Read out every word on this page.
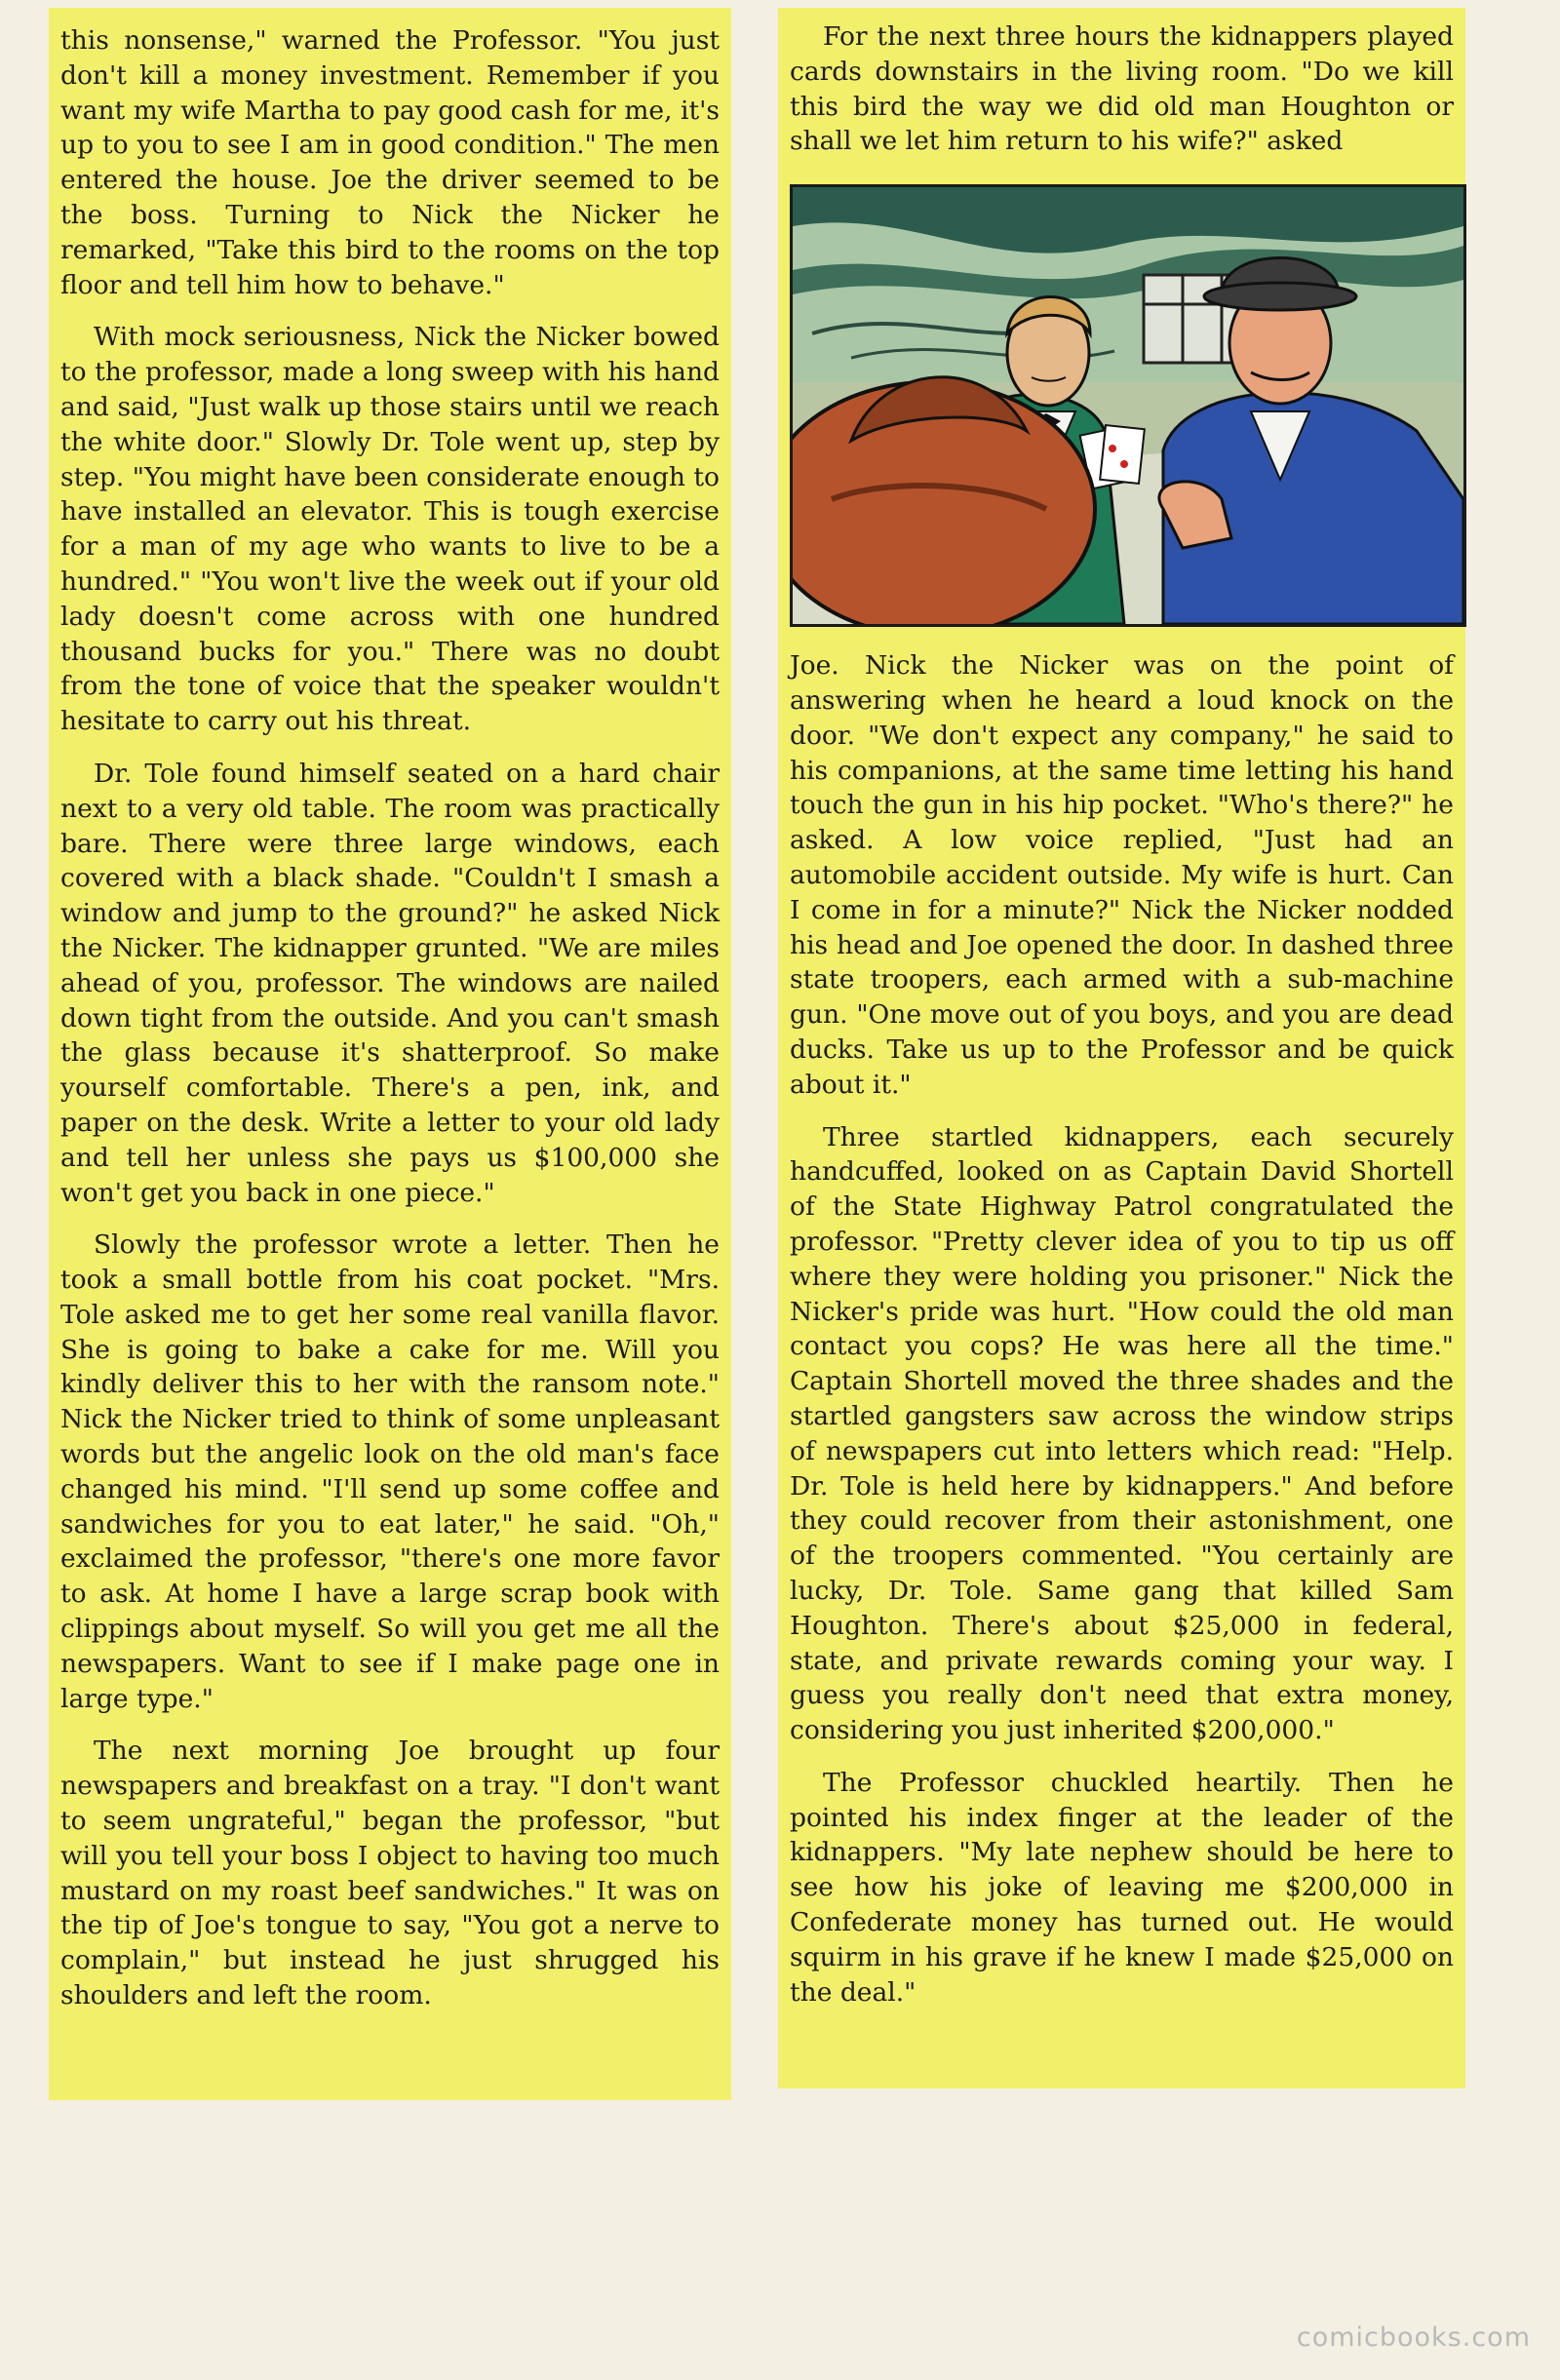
this nonsense," warned the Professor. "You just don't kill a money investment. Remember if you want my wife Martha to pay good cash for me, it's up to you to see I am in good condition." The men entered the house. Joe the driver seemed to be the boss. Turning to Nick the Nicker he remarked, "Take this bird to the rooms on the top floor and tell him how to behave."

With mock seriousness, Nick the Nicker bowed to the professor, made a long sweep with his hand and said, "Just walk up those stairs until we reach the white door." Slowly Dr. Tole went up, step by step. "You might have been considerate enough to have installed an elevator. This is tough exercise for a man of my age who wants to live to be a hundred." "You won't live the week out if your old lady doesn't come across with one hundred thousand bucks for you." There was no doubt from the tone of voice that the speaker wouldn't hesitate to carry out his threat.

Dr. Tole found himself seated on a hard chair next to a very old table. The room was practically bare. There were three large windows, each covered with a black shade. "Couldn't I smash a window and jump to the ground?" he asked Nick the Nicker. The kidnapper grunted. "We are miles ahead of you, professor. The windows are nailed down tight from the outside. And you can't smash the glass because it's shatterproof. So make yourself comfortable. There's a pen, ink, and paper on the desk. Write a letter to your old lady and tell her unless she pays us $100,000 she won't get you back in one piece."

Slowly the professor wrote a letter. Then he took a small bottle from his coat pocket. "Mrs. Tole asked me to get her some real vanilla flavor. She is going to bake a cake for me. Will you kindly deliver this to her with the ransom note." Nick the Nicker tried to think of some unpleasant words but the angelic look on the old man's face changed his mind. "I'll send up some coffee and sandwiches for you to eat later," he said. "Oh," exclaimed the professor, "there's one more favor to ask. At home I have a large scrap book with clippings about myself. So will you get me all the newspapers. Want to see if I make page one in large type."

The next morning Joe brought up four newspapers and breakfast on a tray. "I don't want to seem ungrateful," began the professor, "but will you tell your boss I object to having too much mustard on my roast beef sandwiches." It was on the tip of Joe's tongue to say, "You got a nerve to complain," but instead he just shrugged his shoulders and left the room.

For the next three hours the kidnappers played cards downstairs in the living room. "Do we kill this bird the way we did old man Houghton or shall we let him return to his wife?" asked

Joe. Nick the Nicker was on the point of answering when he heard a loud knock on the door. "We don't expect any company," he said to his companions, at the same time letting his hand touch the gun in his hip pocket. "Who's there?" he asked. A low voice replied, "Just had an automobile accident outside. My wife is hurt. Can I come in for a minute?" Nick the Nicker nodded his head and Joe opened the door. In dashed three state troopers, each armed with a sub-machine gun. "One move out of you boys, and you are dead ducks. Take us up to the Professor and be quick about it."

Three startled kidnappers, each securely handcuffed, looked on as Captain David Shortell of the State Highway Patrol congratulated the professor. "Pretty clever idea of you to tip us off where they were holding you prisoner." Nick the Nicker's pride was hurt. "How could the old man contact you cops? He was here all the time." Captain Shortell moved the three shades and the startled gangsters saw across the window strips of newspapers cut into letters which read: "Help. Dr. Tole is held here by kidnappers." And before they could recover from their astonishment, one of the troopers commented. "You certainly are lucky, Dr. Tole. Same gang that killed Sam Houghton. There's about $25,000 in federal, state, and private rewards coming your way. I guess you really don't need that extra money, considering you just inherited $200,000."

The Professor chuckled heartily. Then he pointed his index finger at the leader of the kidnappers. "My late nephew should be here to see how his joke of leaving me $200,000 in Confederate money has turned out. He would squirm in his grave if he knew I made $25,000 on the deal."

comicbooks.com
